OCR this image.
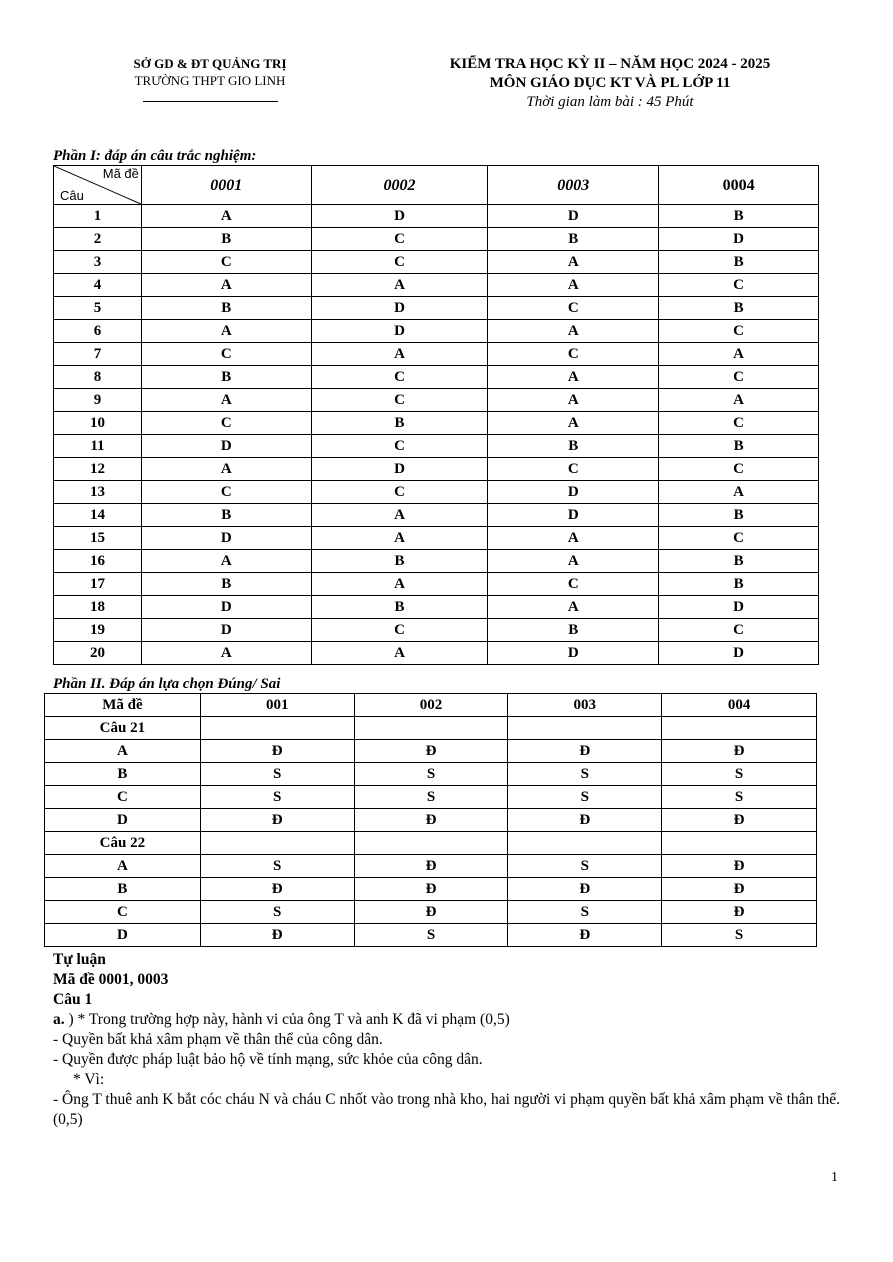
SỞ GD & ĐT QUẢNG TRỊ
TRƯỜNG THPT GIO LINH
KIỂM TRA HỌC KỲ II – NĂM HỌC 2024 - 2025
MÔN GIÁO DỤC KT VÀ PL LỚP 11
Thời gian làm bài : 45 Phút
Phần I: đáp án câu trắc nghiệm:
Mã đề
Câu	0001	0002	0003	0004
1	A	D	D	B
2	B	C	B	D
3	C	C	A	B
4	A	A	A	C
5	B	D	C	B
6	A	D	A	C
7	C	A	C	A
8	B	C	A	C
9	A	C	A	A
10	C	B	A	C
11	D	C	B	B
12	A	D	C	C
13	C	C	D	A
14	B	A	D	B
15	D	A	A	C
16	A	B	A	B
17	B	A	C	B
18	D	B	A	D
19	D	C	B	C
20	A	A	D	D
Phần II. Đáp án lựa chọn Đúng/ Sai
Mã đề	001	002	003	004
Câu 21				
A	Đ	Đ	Đ	Đ
B	S	S	S	S
C	S	S	S	S
D	Đ	Đ	Đ	Đ
Câu 22				
A	S	Đ	S	Đ
B	Đ	Đ	Đ	Đ
C	S	Đ	S	Đ
D	Đ	S	Đ	S
Tự luận
Mã đề 0001, 0003
Câu 1
a. ) * Trong trường hợp này, hành vi của ông T và anh K đã vi phạm (0,5)
- Quyền bất khả xâm phạm về thân thể của công dân.
- Quyền được pháp luật bảo hộ về tính mạng, sức khỏe của công dân.
* Vì:
- Ông T thuê anh K bắt cóc cháu N và cháu C nhốt vào trong nhà kho, hai người vi phạm quyền bất khả xâm phạm về thân thể. (0,5)
1
